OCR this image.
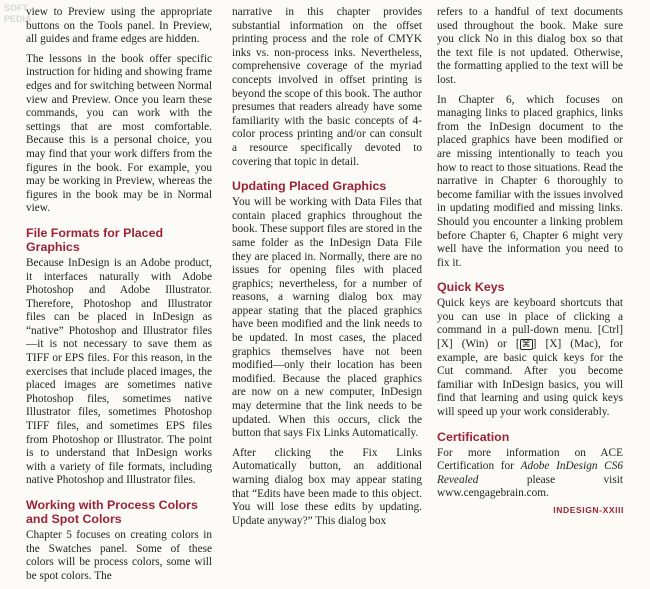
SOFT
PEDIA

view to Preview using the appropriate buttons on the Tools panel. In Preview, all guides and frame edges are hidden.

The lessons in the book offer specific instruction for hiding and showing frame edges and for switching between Normal view and Preview. Once you learn these commands, you can work with the settings that are most comfortable. Because this is a personal choice, you may find that your work differs from the figures in the book. For example, you may be working in Preview, whereas the figures in the book may be in Normal view.

File Formats for Placed Graphics

Because InDesign is an Adobe product, it interfaces naturally with Adobe Photoshop and Adobe Illustrator. Therefore, Photoshop and Illustrator files can be placed in InDesign as “native” Photoshop and Illustrator files—it is not necessary to save them as TIFF or EPS files. For this reason, in the exercises that include placed images, the placed images are sometimes native Photoshop files, sometimes native Illustrator files, sometimes Photoshop TIFF files, and sometimes EPS files from Photoshop or Illustrator. The point is to understand that InDesign works with a variety of file formats, including native Photoshop and Illustrator files.

Working with Process Colors and Spot Colors

Chapter 5 focuses on creating colors in the Swatches panel. Some of these colors will be process colors, some will be spot colors. The

narrative in this chapter provides substantial information on the offset printing process and the role of CMYK inks vs. non-process inks. Nevertheless, comprehensive coverage of the myriad concepts involved in offset printing is beyond the scope of this book. The author presumes that readers already have some familiarity with the basic concepts of 4-color process printing and/or can consult a resource specifically devoted to covering that topic in detail.

Updating Placed Graphics

You will be working with Data Files that contain placed graphics throughout the book. These support files are stored in the same folder as the InDesign Data File they are placed in. Normally, there are no issues for opening files with placed graphics; nevertheless, for a number of reasons, a warning dialog box may appear stating that the placed graphics have been modified and the link needs to be updated. In most cases, the placed graphics themselves have not been modified—only their location has been modified. Because the placed graphics are now on a new computer, InDesign may determine that the link needs to be updated. When this occurs, click the button that says Fix Links Automatically.

After clicking the Fix Links Automatically button, an additional warning dialog box may appear stating that “Edits have been made to this object. You will lose these edits by updating. Update anyway?” This dialog box

refers to a handful of text documents used throughout the book. Make sure you click No in this dialog box so that the text file is not updated. Otherwise, the formatting applied to the text will be lost.

In Chapter 6, which focuses on managing links to placed graphics, links from the InDesign document to the placed graphics have been modified or are missing intentionally to teach you how to react to those situations. Read the narrative in Chapter 6 thoroughly to become familiar with the issues involved in updating modified and missing links. Should you encounter a linking problem before Chapter 6, Chapter 6 might very well have the information you need to fix it.

Quick Keys

Quick keys are keyboard shortcuts that you can use in place of clicking a command in a pull-down menu. [Ctrl][X] (Win) or [ ⌘ ] [X] (Mac), for example, are basic quick keys for the Cut command. After you become familiar with InDesign basics, you will find that learning and using quick keys will speed up your work considerably.

Certification

For more information on ACE Certification for Adobe InDesign CS6 Revealed please visit www.cengagebrain.com.

INDESIGN-XXIII
